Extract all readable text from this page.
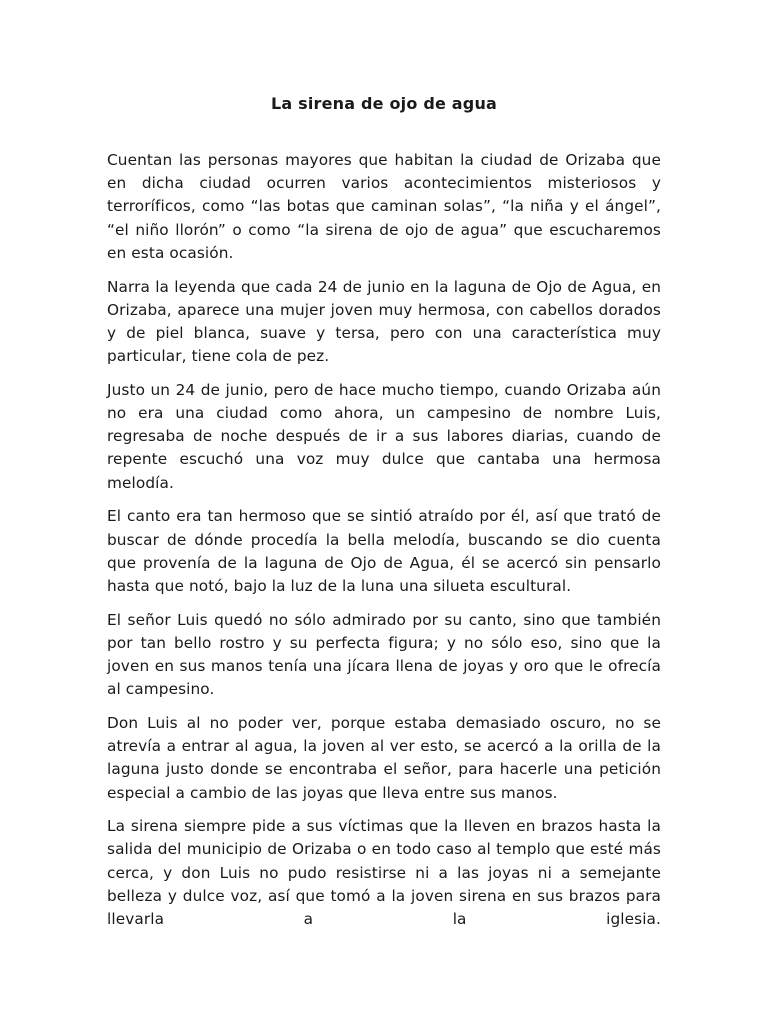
La sirena de ojo de agua

Cuentan las personas mayores que habitan la ciudad de Orizaba que en dicha ciudad ocurren varios acontecimientos misteriosos y terroríficos, como “las botas que caminan solas”, “la niña y el ángel”, “el niño llorón” o como “la sirena de ojo de agua” que escucharemos en esta ocasión.

Narra la leyenda que cada 24 de junio en la laguna de Ojo de Agua, en Orizaba, aparece una mujer joven muy hermosa, con cabellos dorados y de piel blanca, suave y tersa, pero con una característica muy particular, tiene cola de pez.

Justo un 24 de junio, pero de hace mucho tiempo, cuando Orizaba aún no era una ciudad como ahora, un campesino de nombre Luis, regresaba de noche después de ir a sus labores diarias, cuando de repente escuchó una voz muy dulce que cantaba una hermosa melodía.

El canto era tan hermoso que se sintió atraído por él, así que trató de buscar de dónde procedía la bella melodía, buscando se dio cuenta que provenía de la laguna de Ojo de Agua, él se acercó sin pensarlo hasta que notó, bajo la luz de la luna una silueta escultural.

El señor Luis quedó no sólo admirado por su canto, sino que también por tan bello rostro y su perfecta figura; y no sólo eso, sino que la joven en sus manos tenía una jícara llena de joyas y oro que le ofrecía al campesino.

Don Luis al no poder ver, porque estaba demasiado oscuro, no se atrevía a entrar al agua, la joven al ver esto, se acercó a la orilla de la laguna justo donde se encontraba el señor, para hacerle una petición especial a cambio de las joyas que lleva entre sus manos.

La sirena siempre pide a sus víctimas que la lleven en brazos hasta la salida del municipio de Orizaba o en todo caso al templo que esté más cerca, y don Luis no pudo resistirse ni a las joyas ni a semejante belleza y dulce voz, así que tomó a la joven sirena en sus brazos para llevarla a la iglesia.
